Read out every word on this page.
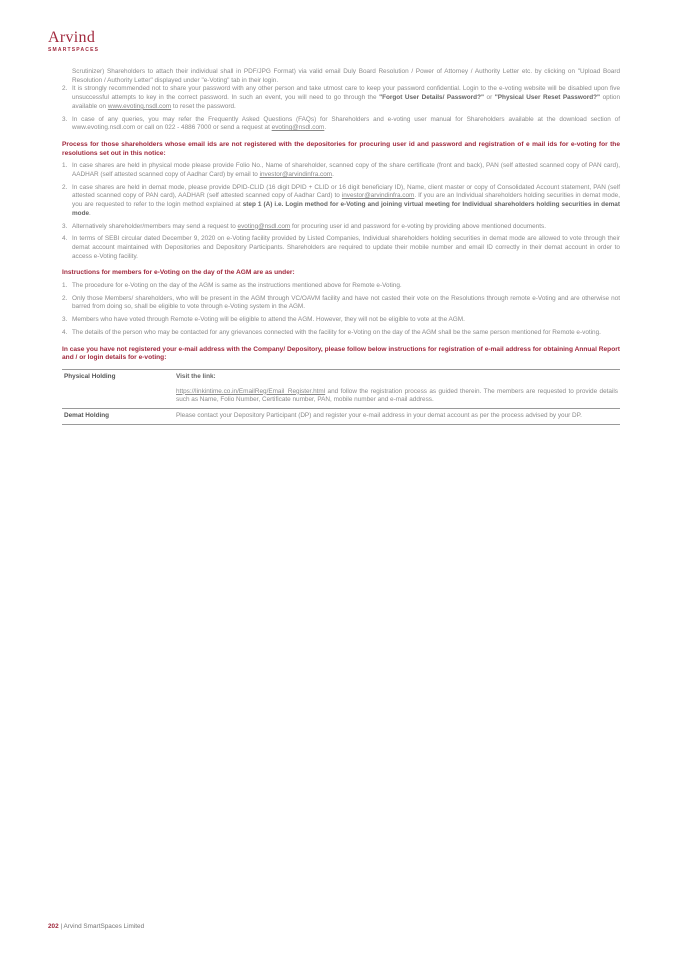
Arvind
SMARTSPACES

Scrutinizer) Shareholders to attach their individual shall in PDF/JPG Format) via valid email Duly Board Resolution / Power of Attorney / Authority Letter etc. by clicking on "Upload Board Resolution / Authority Letter" displayed under "e-Voting" tab in their login.

2. It is strongly recommended not to share your password with any other person and take utmost care to keep your password confidential. Login to the e-voting website will be disabled upon five unsuccessful attempts to key in the correct password. In such an event, you will need to go through the "Forgot User Details/ Password?" or "Physical User Reset Password?" option available on www.evoting.nsdl.com to reset the password.
3. In case of any queries, you may refer the Frequently Asked Questions (FAQs) for Shareholders and e-voting user manual for Shareholders available at the download section of www.evoting.nsdl.com or call on 022 - 4886 7000 or send a request at evoting@nsdl.com.

Process for those shareholders whose email ids are not registered with the depositories for procuring user id and password and registration of e mail ids for e-voting for the resolutions set out in this notice:

1. In case shares are held in physical mode please provide Folio No., Name of shareholder, scanned copy of the share certificate (front and back), PAN (self attested scanned copy of PAN card), AADHAR (self attested scanned copy of Aadhar Card) by email to investor@arvindinfra.com.
2. In case shares are held in demat mode, please provide DPID-CLID (16 digit DPID + CLID or 16 digit beneficiary ID), Name, client master or copy of Consolidated Account statement, PAN (self attested scanned copy of PAN card), AADHAR (self attested scanned copy of Aadhar Card) to investor@arvindinfra.com. If you are an Individual shareholders holding securities in demat mode, you are requested to refer to the login method explained at step 1 (A) i.e. Login method for e-Voting and joining virtual meeting for Individual shareholders holding securities in demat mode.
3. Alternatively shareholder/members may send a request to evoting@nsdl.com for procuring user id and password for e-voting by providing above mentioned documents.
4. In terms of SEBI circular dated December 9, 2020 on e-Voting facility provided by Listed Companies, Individual shareholders holding securities in demat mode are allowed to vote through their demat account maintained with Depositories and Depository Participants. Shareholders are required to update their mobile number and email ID correctly in their demat account in order to access e-Voting facility.

Instructions for members for e-Voting on the day of the AGM are as under:

1. The procedure for e-Voting on the day of the AGM is same as the instructions mentioned above for Remote e-Voting.
2. Only those Members/ shareholders, who will be present in the AGM through VC/OAVM facility and have not casted their vote on the Resolutions through remote e-Voting and are otherwise not barred from doing so, shall be eligible to vote through e-Voting system in the AGM.
3. Members who have voted through Remote e-Voting will be eligible to attend the AGM. However, they will not be eligible to vote at the AGM.
4. The details of the person who may be contacted for any grievances connected with the facility for e-Voting on the day of the AGM shall be the same person mentioned for Remote e-voting.

In case you have not registered your e-mail address with the Company/ Depository, please follow below instructions for registration of e-mail address for obtaining Annual Report and / or login details for e-voting:

Physical Holding	Visit the link:
	https://linkintime.co.in/EmailReg/Email_Register.html and follow the registration process as guided therein. The members are requested to provide details such as Name, Folio Number, Certificate number, PAN, mobile number and e-mail address.
Demat Holding	Please contact your Depository Participant (DP) and register your e-mail address in your demat account as per the process advised by your DP.
202 | Arvind SmartSpaces Limited
